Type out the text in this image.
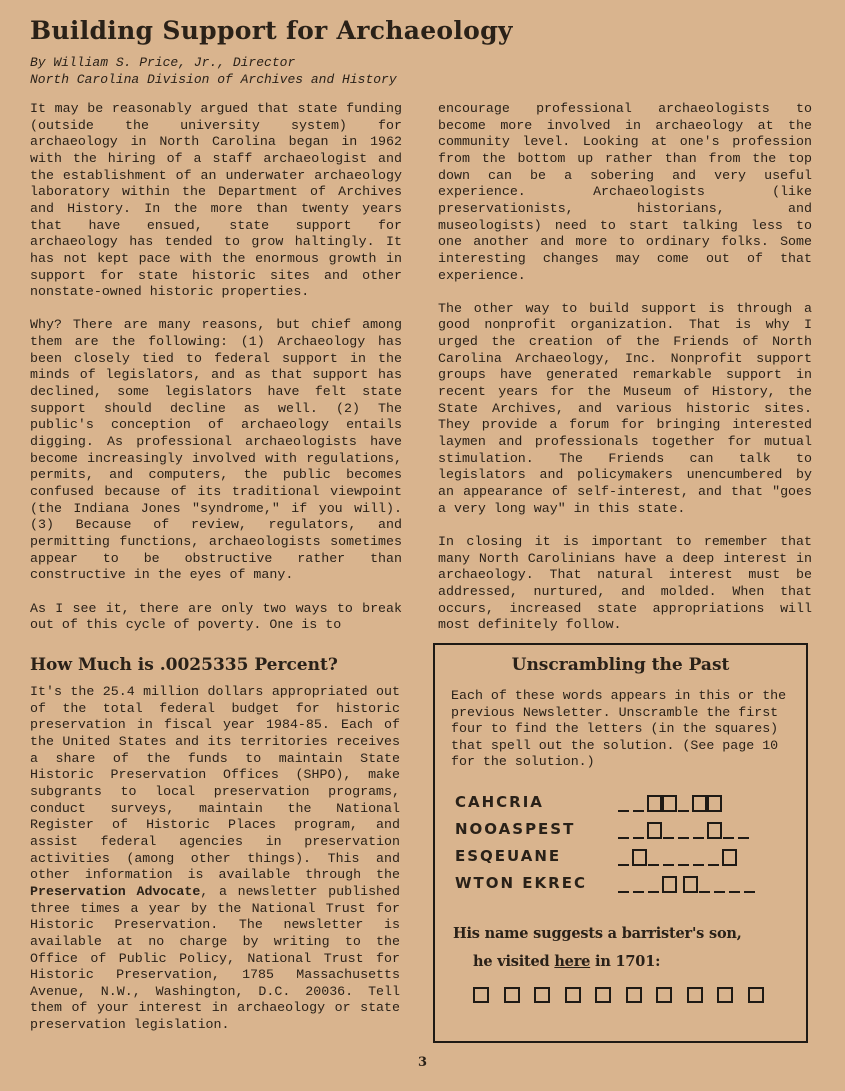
Building Support for Archaeology
By William S. Price, Jr., Director
North Carolina Division of Archives and History

It may be reasonably argued that state funding (outside the university system) for archaeology in North Carolina began in 1962 with the hiring of a staff archaeologist and the establishment of an underwater archaeology laboratory within the Department of Archives and History. In the more than twenty years that have ensued, state support for archaeology has tended to grow haltingly. It has not kept pace with the enormous growth in support for state historic sites and other nonstate-owned historic properties.

Why? There are many reasons, but chief among them are the following: (1) Archaeology has been closely tied to federal support in the minds of legislators, and as that support has declined, some legislators have felt state support should decline as well. (2) The public's conception of archaeology entails digging. As professional archaeologists have become increasingly involved with regulations, permits, and computers, the public becomes confused because of its traditional viewpoint (the Indiana Jones "syndrome," if you will). (3) Because of review, regulators, and permitting functions, archaeologists sometimes appear to be obstructive rather than constructive in the eyes of many.

As I see it, there are only two ways to break out of this cycle of poverty. One is to

encourage professional archaeologists to become more involved in archaeology at the community level. Looking at one's profession from the bottom up rather than from the top down can be a sobering and very useful experience. Archaeologists (like preservationists, historians, and museologists) need to start talking less to one another and more to ordinary folks. Some interesting changes may come out of that experience.

The other way to build support is through a good nonprofit organization. That is why I urged the creation of the Friends of North Carolina Archaeology, Inc. Nonprofit support groups have generated remarkable support in recent years for the Museum of History, the State Archives, and various historic sites. They provide a forum for bringing interested laymen and professionals together for mutual stimulation. The Friends can talk to legislators and policymakers unencumbered by an appearance of self-interest, and that "goes a very long way" in this state.

In closing it is important to remember that many North Carolinians have a deep interest in archaeology. That natural interest must be addressed, nurtured, and molded. When that occurs, increased state appropriations will most definitely follow.

How Much is .0025335 Percent?

It's the 25.4 million dollars appropriated out of the total federal budget for historic preservation in fiscal year 1984-85. Each of the United States and its territories receives a share of the funds to maintain State Historic Preservation Offices (SHPO), make subgrants to local preservation programs, conduct surveys, maintain the National Register of Historic Places program, and assist federal agencies in preservation activities (among other things). This and other information is available through the Preservation Advocate, a newsletter published three times a year by the National Trust for Historic Preservation. The newsletter is available at no charge by writing to the Office of Public Policy, National Trust for Historic Preservation, 1785 Massachusetts Avenue, N.W., Washington, D.C. 20036. Tell them of your interest in archaeology or state preservation legislation.

Unscrambling the Past
Each of these words appears in this or the previous Newsletter. Unscramble the first four to find the letters (in the squares) that spell out the solution. (See page 10 for the solution.)
CAHCRIA
NOOASPEST
ESQEUANE
WTON EKREC
His name suggests a barrister's son,
he visited here in 1701:
3
